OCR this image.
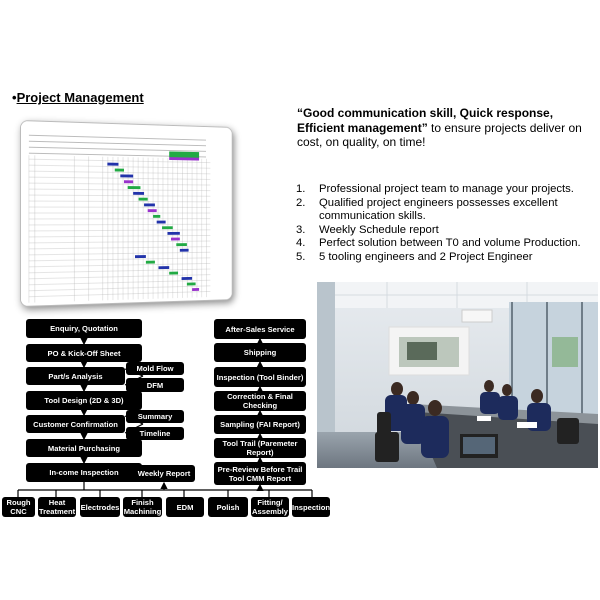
•Project Management
“Good communication skill, Quick response, Efficient management” to ensure projects deliver on cost, on quality, on time!
1.	Professional project team to manage your projects.
2.	Qualified project engineers possesses excellent communication skills.
3.	Weekly Schedule report
4.	Perfect solution between T0 and volume Production.
5.	5 tooling engineers and 2 Project Engineer
Enquiry, Quotation
PO & Kick-Off Sheet
Part/s Analysis
Tool Design (2D & 3D)
Customer Confirmation
Material Purchasing
In-come Inspection
Mold Flow
DFM
Summary
Timeline
Weekly Report
After-Sales Service
Shipping
Inspection (Tool Binder)
Correction & Final Checking
Sampling (FAI Report)
Tool Trail (Paremeter Report)
Pre-Review Before Trail Tool CMM Report
Rough CNC
Heat Treatment Electrodes	Finish Machining	EDM	Polish	Fitting/ Assembly Inspection
